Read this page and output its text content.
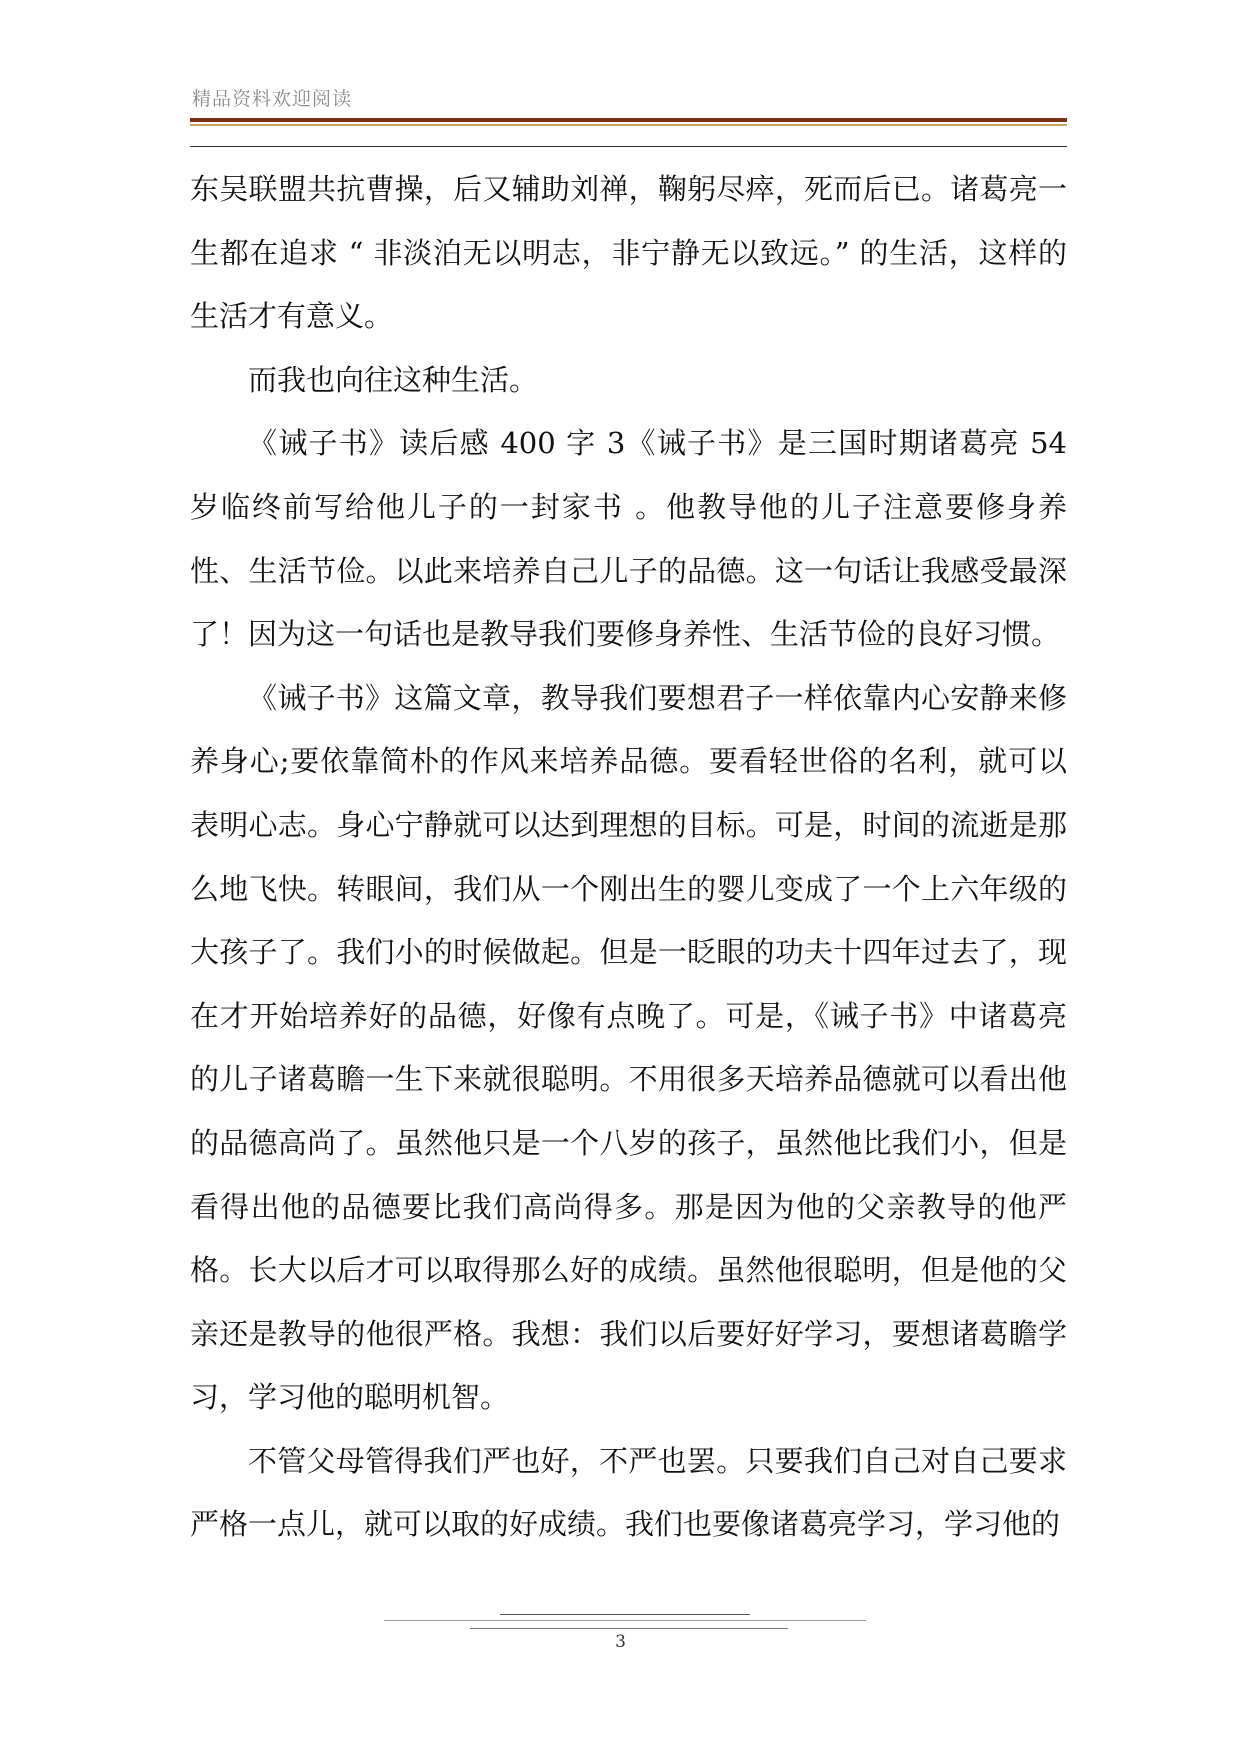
精品资料欢迎阅读

东吴联盟共抗曹操，后又辅助刘禅，鞠躬尽瘁，死而后已。诸葛亮一生都在追求 “ 非淡泊无以明志，非宁静无以致远。” 的生活，这样的生活才有意义。

而我也向往这种生活。

《诫子书》读后感 400 字 3《诫子书》是三国时期诸葛亮 54 岁临终前写给他儿子的一封家书 。他教导他的儿子注意要修身养性、生活节俭。以此来培养自己儿子的品德。这一句话让我感受最深了！因为这一句话也是教导我们要修身养性、生活节俭的良好习惯。

《诫子书》这篇文章，教导我们要想君子一样依靠内心安静来修养身心;要依靠简朴的作风来培养品德。要看轻世俗的名利，就可以表明心志。身心宁静就可以达到理想的目标。可是，时间的流逝是那么地飞快。转眼间，我们从一个刚出生的婴儿变成了一个上六年级的大孩子了。我们小的时候做起。但是一眨眼的功夫十四年过去了，现在才开始培养好的品德，好像有点晚了。可是，《诫子书》中诸葛亮的儿子诸葛瞻一生下来就很聪明。不用很多天培养品德就可以看出他的品德高尚了。虽然他只是一个八岁的孩子，虽然他比我们小，但是看得出他的品德要比我们高尚得多。那是因为他的父亲教导的他严格。长大以后才可以取得那么好的成绩。虽然他很聪明，但是他的父亲还是教导的他很严格。我想：我们以后要好好学习，要想诸葛瞻学习，学习他的聪明机智。

不管父母管得我们严也好，不严也罢。只要我们自己对自己要求严格一点儿，就可以取的好成绩。我们也要像诸葛亮学习，学习他的

3
